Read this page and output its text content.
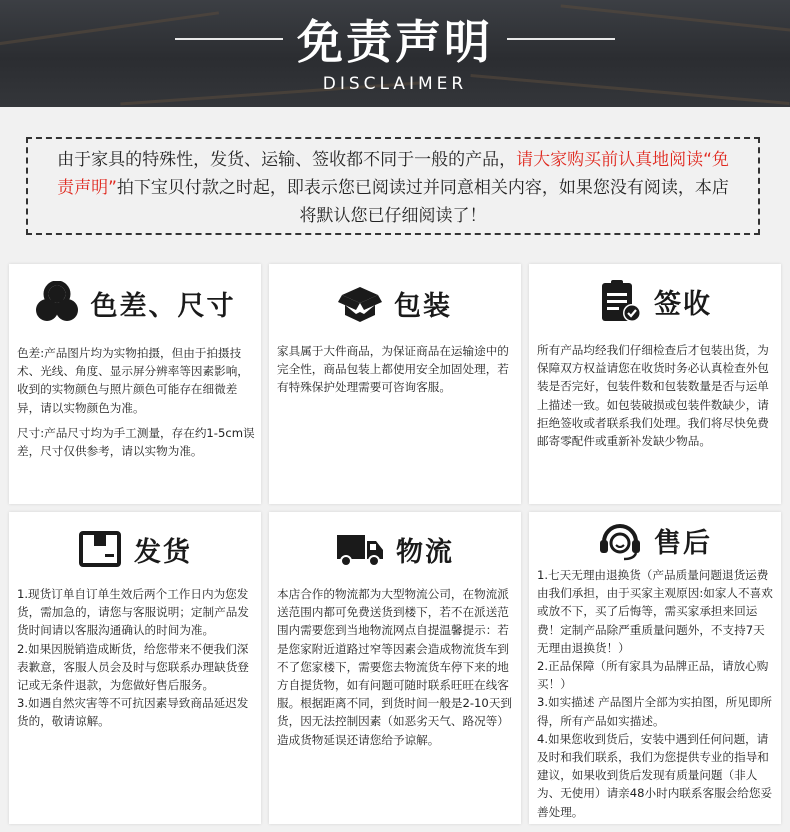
免责声明
DISCLAIMER
由于家具的特殊性，发货、运输、签收都不同于一般的产品，请大家购买前认真地阅读“免责声明”拍下宝贝付款之时起，即表示您已阅读过并同意相关内容，如果您没有阅读，本店将默认您已仔细阅读了！
色差、尺寸

色差:产品图片均为实物拍摄，但由于拍摄技术、光线、角度、显示屏分辨率等因素影响，收到的实物颜色与照片颜色可能存在细微差异，请以实物颜色为准。

尺寸:产品尺寸均为手工测量，存在约1-5cm误差，尺寸仅供参考，请以实物为准。

包装

家具属于大件商品，为保证商品在运输途中的完全性，商品包装上都使用安全加固处理，若有特殊保护处理需要可咨询客服。

签收

所有产品均经我们仔细检查后才包装出货，为保障双方权益请您在收货时务必认真检查外包装是否完好，包装件数和包装数量是否与运单上描述一致。如包装破损或包装件数缺少，请拒绝签收或者联系我们处理。我们将尽快免费邮寄零配件或重新补发缺少物品。

发货

1.现货订单自订单生效后两个工作日内为您发货，需加急的，请您与客服说明；定制产品发货时间请以客服沟通确认的时间为准。

2.如果因脱销造成断货，给您带来不便我们深表歉意，客服人员会及时与您联系办理缺货登记或无条件退款，为您做好售后服务。

3.如遇自然灾害等不可抗因素导致商品延迟发货的，敬请谅解。

物流

本店合作的物流都为大型物流公司，在物流派送范围内都可免费送货到楼下，若不在派送范围内需要您到当地物流网点自提温馨提示：若是您家附近道路过窄等因素会造成物流货车到不了您家楼下，需要您去物流货车停下来的地方自提货物，如有问题可随时联系旺旺在线客服。根据距离不同，到货时间一般是2-10天到货，因无法控制因素（如恶劣天气、路况等）造成货物延误还请您给予谅解。

售后

1.七天无理由退换货（产品质量问题退货运费由我们承担，由于买家主观原因:如家人不喜欢或放不下，买了后悔等，需买家承担来回运费！定制产品除严重质量问题外，不支持7天无理由退换货！）

2.正品保障（所有家具为品牌正品，请放心购买！）

3.如实描述 产品图片全部为实拍图，所见即所得，所有产品如实描述。

4.如果您收到货后，安装中遇到任何问题，请及时和我们联系，我们为您提供专业的指导和建议，如果收到货后发现有质量问题（非人为、无使用）请亲48小时内联系客服会给您妥善处理。
